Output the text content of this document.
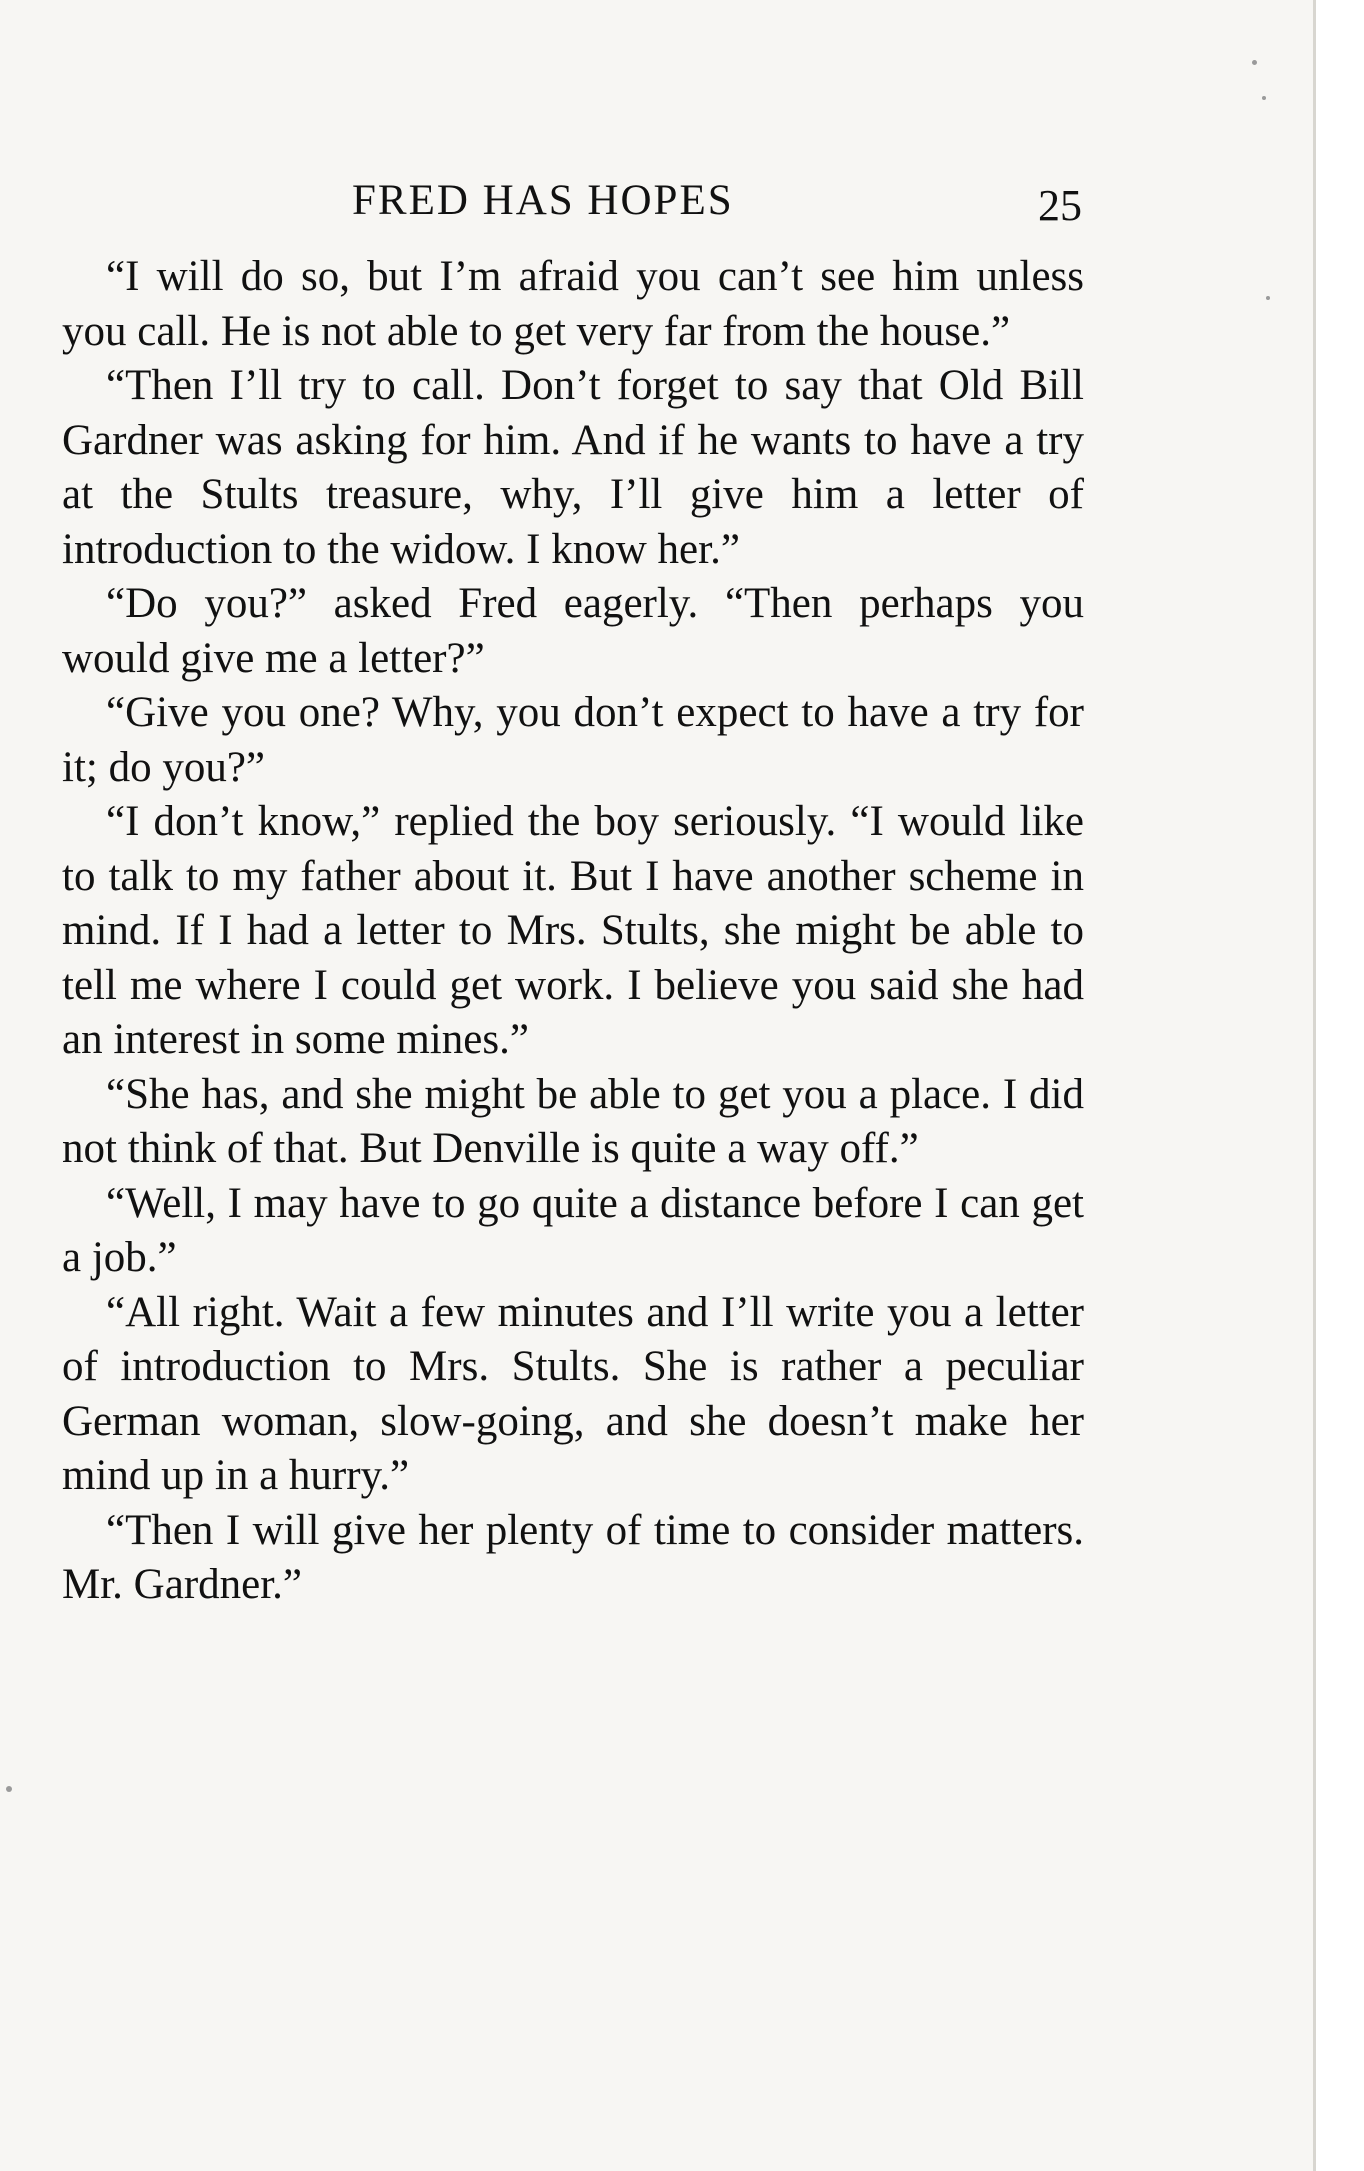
FRED HAS HOPES	25

“I will do so, but I’m afraid you can’t see him unless you call. He is not able to get very far from the house.”

“Then I’ll try to call. Don’t forget to say that Old Bill Gardner was asking for him. And if he wants to have a try at the Stults treasure, why, I’ll give him a letter of introduction to the widow. I know her.”

“Do you?” asked Fred eagerly. “Then perhaps you would give me a letter?”

“Give you one? Why, you don’t expect to have a try for it; do you?”

“I don’t know,” replied the boy seriously. “I would like to talk to my father about it. But I have another scheme in mind. If I had a letter to Mrs. Stults, she might be able to tell me where I could get work. I believe you said she had an interest in some mines.”

“She has, and she might be able to get you a place. I did not think of that. But Denville is quite a way off.”

“Well, I may have to go quite a distance before I can get a job.”

“All right. Wait a few minutes and I’ll write you a letter of introduction to Mrs. Stults. She is rather a peculiar German woman, slow-going, and she doesn’t make her mind up in a hurry.”

“Then I will give her plenty of time to consider matters. Mr. Gardner.”
